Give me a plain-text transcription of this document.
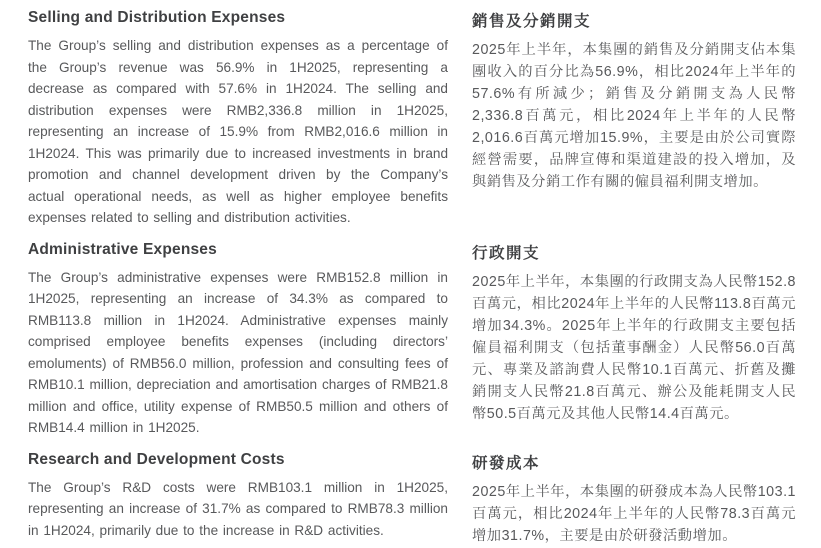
Selling and Distribution Expenses

The Group’s selling and distribution expenses as a percentage of the Group’s revenue was 56.9% in 1H2025, representing a decrease as compared with 57.6% in 1H2024. The selling and distribution expenses were RMB2,336.8 million in 1H2025, representing an increase of 15.9% from RMB2,016.6 million in 1H2024. This was primarily due to increased investments in brand promotion and channel development driven by the Company’s actual operational needs, as well as higher employee benefits expenses related to selling and distribution activities.

銷售及分銷開支

2025年上半年，本集團的銷售及分銷開支佔本集團收入的百分比為56.9%，相比2024年上半年的57.6%有所減少；銷售及分銷開支為人民幣2,336.8百萬元，相比2024年上半年的人民幣2,016.6百萬元增加15.9%，主要是由於公司實際經營需要，品牌宣傳和渠道建設的投入增加，及與銷售及分銷工作有關的僱員福利開支增加。

Administrative Expenses

The Group’s administrative expenses were RMB152.8 million in 1H2025, representing an increase of 34.3% as compared to RMB113.8 million in 1H2024. Administrative expenses mainly comprised employee benefits expenses (including directors’ emoluments) of RMB56.0 million, profession and consulting fees of RMB10.1 million, depreciation and amortisation charges of RMB21.8 million and office, utility expense of RMB50.5 million and others of RMB14.4 million in 1H2025.

行政開支

2025年上半年，本集團的行政開支為人民幣152.8百萬元，相比2024年上半年的人民幣113.8百萬元增加34.3%。2025年上半年的行政開支主要包括僱員福利開支（包括董事酬金）人民幣56.0百萬元、專業及諮詢費人民幣10.1百萬元、折舊及攤銷開支人民幣21.8百萬元、辦公及能耗開支人民幣50.5百萬元及其他人民幣14.4百萬元。

Research and Development Costs

The Group’s R&D costs were RMB103.1 million in 1H2025, representing an increase of 31.7% as compared to RMB78.3 million in 1H2024, primarily due to the increase in R&D activities.

研發成本

2025年上半年，本集團的研發成本為人民幣103.1百萬元，相比2024年上半年的人民幣78.3百萬元增加31.7%，主要是由於研發活動增加。
